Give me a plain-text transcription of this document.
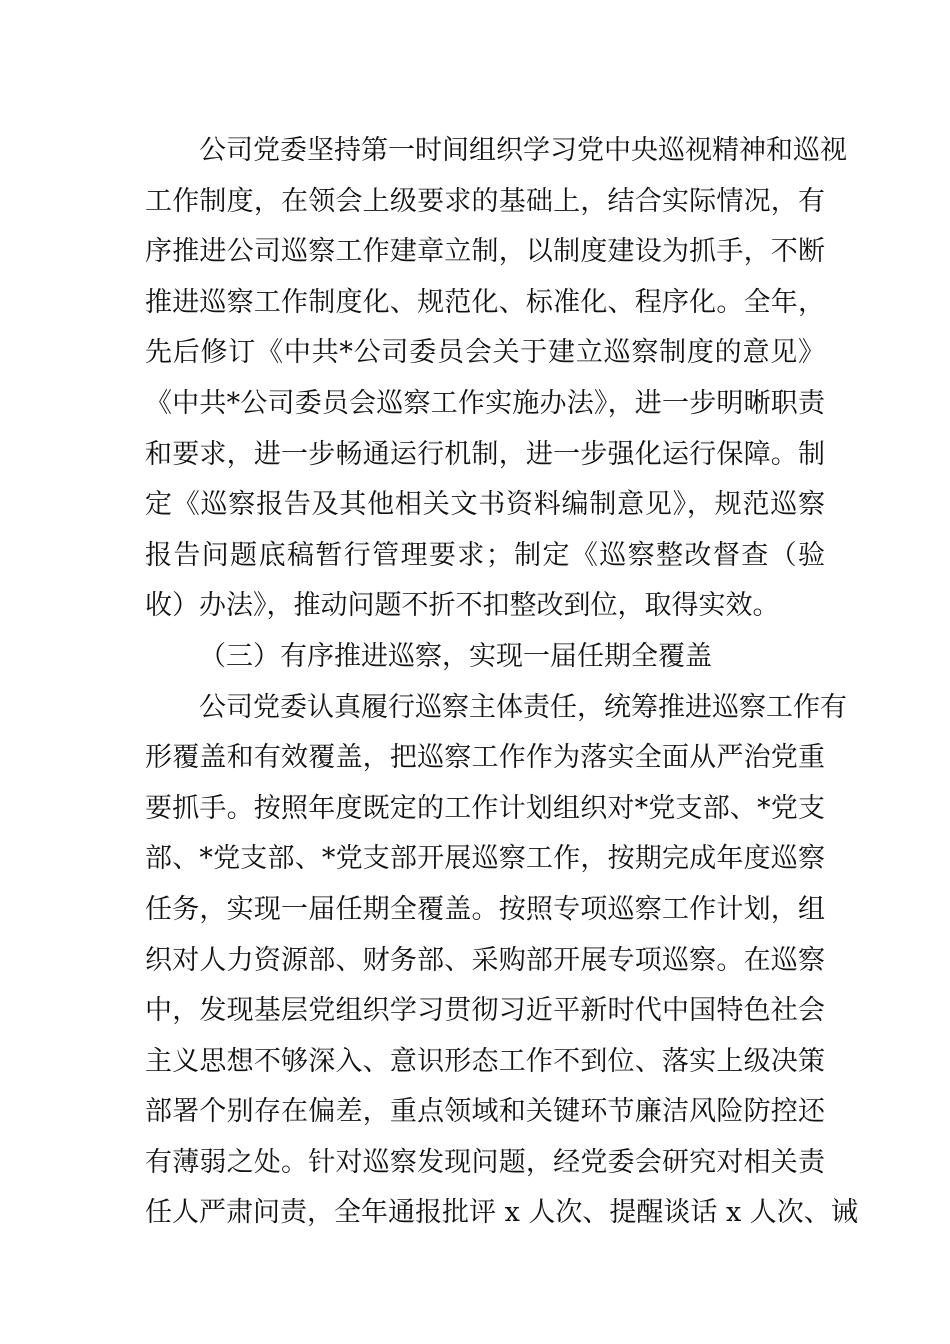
公司党委坚持第一时间组织学习党中央巡视精神和巡视
工作制度，在领会上级要求的基础上，结合实际情况，有
序推进公司巡察工作建章立制，以制度建设为抓手，不断
推进巡察工作制度化、规范化、标准化、程序化。全年，
先后修订《中共*公司委员会关于建立巡察制度的意见》
《中共*公司委员会巡察工作实施办法》，进一步明晰职责
和要求，进一步畅通运行机制，进一步强化运行保障。制
定《巡察报告及其他相关文书资料编制意见》，规范巡察
报告问题底稿暂行管理要求；制定《巡察整改督查（验
收）办法》，推动问题不折不扣整改到位，取得实效。
（三）有序推进巡察，实现一届任期全覆盖
公司党委认真履行巡察主体责任，统筹推进巡察工作有
形覆盖和有效覆盖，把巡察工作作为落实全面从严治党重
要抓手。按照年度既定的工作计划组织对*党支部、*党支
部、*党支部、*党支部开展巡察工作，按期完成年度巡察
任务，实现一届任期全覆盖。按照专项巡察工作计划，组
织对人力资源部、财务部、采购部开展专项巡察。在巡察
中，发现基层党组织学习贯彻习近平新时代中国特色社会
主义思想不够深入、意识形态工作不到位、落实上级决策
部署个别存在偏差，重点领域和关键环节廉洁风险防控还
有薄弱之处。针对巡察发现问题，经党委会研究对相关责
任人严肃问责，全年通报批评 x 人次、提醒谈话 x 人次、诫
